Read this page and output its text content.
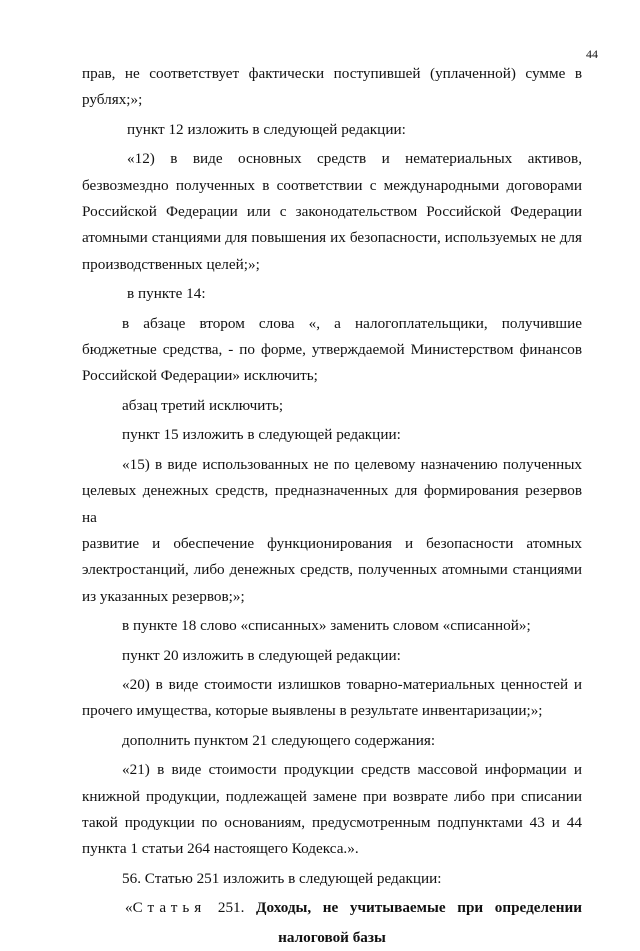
44

прав, не соответствует фактически поступившей (уплаченной) сумме в

рублях;»;

пункт 12 изложить в следующей редакции:

«12) в виде основных средств и нематериальных активов,

безвозмездно полученных в соответствии с международными договорами

Российской Федерации или с законодательством Российской Федерации

атомными станциями для повышения их безопасности, используемых не для

производственных целей;»;

в пункте 14:

в абзаце втором слова «, а налогоплательщики, получившие

бюджетные средства, - по форме, утверждаемой Министерством финансов

Российской Федерации» исключить;

абзац третий исключить;

пункт 15 изложить в следующей редакции:

«15) в виде использованных не по целевому назначению полученных

целевых денежных средств, предназначенных для формирования резервов на

развитие и обеспечение функционирования и безопасности атомных

электростанций, либо денежных средств, полученных атомными станциями

из указанных резервов;»;

в пункте 18 слово «списанных» заменить словом «списанной»;

пункт 20 изложить в следующей редакции:

«20) в виде стоимости излишков товарно-материальных ценностей и

прочего имущества, которые выявлены в результате инвентаризации;»;

дополнить пунктом 21 следующего содержания:

«21) в виде стоимости продукции средств массовой информации и

книжной продукции, подлежащей замене при возврате либо при списании

такой продукции по основаниям, предусмотренным подпунктами 43 и 44

пункта 1 статьи 264 настоящего Кодекса.».

56. Статью 251 изложить в следующей редакции:

«Статья 251. Доходы, не учитываемые при определении

налоговой базы
